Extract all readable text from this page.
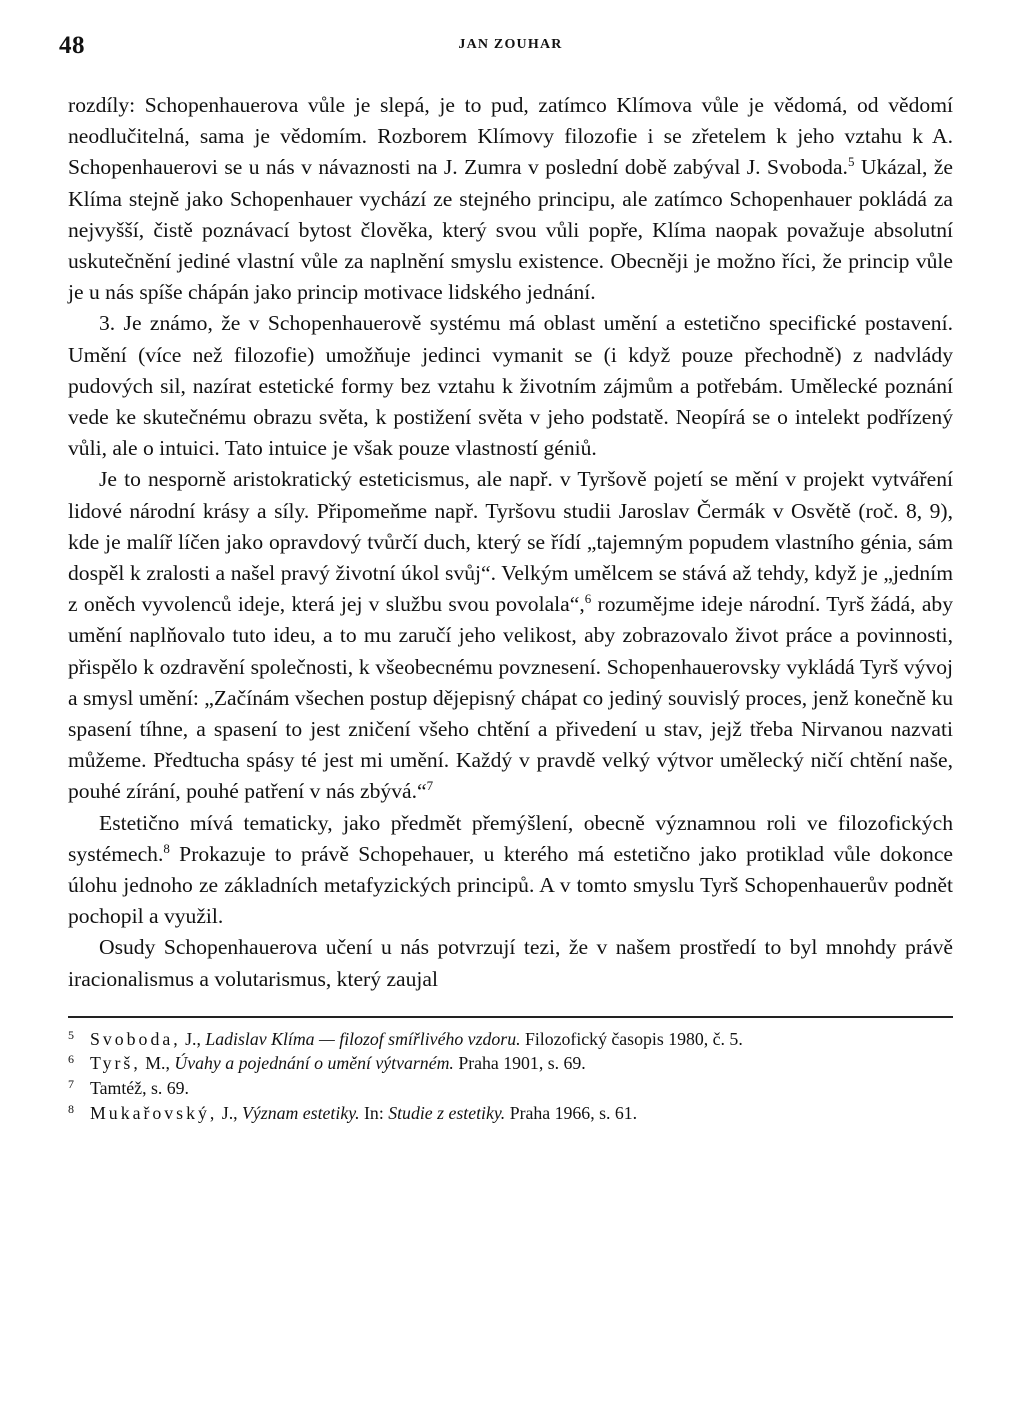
48	JAN ZOUHAR

rozdíly: Schopenhauerova vůle je slepá, je to pud, zatímco Klímova vůle je vědomá, od vědomí neodlučitelná, sama je vědomím. Rozborem Klímovy filozofie i se zřetelem k jeho vztahu k A. Schopenhauerovi se u nás v návaznosti na J. Zumra v poslední době zabýval J. Svoboda.$^5$ Ukázal, že Klíma stejně jako Schopenhauer vychází ze stejného principu, ale zatímco Schopenhauer pokládá za nejvyšší, čistě poznávací bytost člověka, který svou vůli popře, Klíma naopak považuje absolutní uskutečnění jediné vlastní vůle za naplnění smyslu existence. Obecněji je možno říci, že princip vůle je u nás spíše chápán jako princip motivace lidského jednání.

3. Je známo, že v Schopenhauerově systému má oblast umění a estetično specifické postavení. Umění (více než filozofie) umožňuje jedinci vymanit se (i když pouze přechodně) z nadvlády pudových sil, nazírat estetické formy bez vztahu k životním zájmům a potřebám. Umělecké poznání vede ke skutečnému obrazu světa, k postižení světa v jeho podstatě. Neopírá se o intelekt podřízený vůli, ale o intuici. Tato intuice je však pouze vlastností géniů.

Je to nesporně aristokratický esteticismus, ale např. v Tyršově pojetí se mění v projekt vytváření lidové národní krásy a síly. Připomeňme např. Tyršovu studii Jaroslav Čermák v Osvětě (roč. 8, 9), kde je malíř líčen jako opravdový tvůrčí duch, který se řídí „tajemným popudem vlastního génia, sám dospěl k zralosti a našel pravý životní úkol svůj“. Velkým umělcem se stává až tehdy, když je „jedním z oněch vyvolenců ideje, která jej v službu svou povolala“,$^6$ rozumějme ideje národní. Tyrš žádá, aby umění naplňovalo tuto ideu, a to mu zaručí jeho velikost, aby zobrazovalo život práce a povinnosti, přispělo k ozdravění společnosti, k všeobecnému povznesení. Schopenhauerovsky vykládá Tyrš vývoj a smysl umění: „Začínám všechen postup dějepisný chápat co jediný souvislý proces, jenž konečně ku spasení tíhne, a spasení to jest zničení všeho chtění a přivedení u stav, jejž třeba Nirvanou nazvati můžeme. Předtucha spásy té jest mi umění. Každý v pravdě velký výtvor umělecký ničí chtění naše, pouhé zírání, pouhé patření v nás zbývá.“$^7$

Estetično mívá tematicky, jako předmět přemýšlení, obecně významnou roli ve filozofických systémech.$^8$ Prokazuje to právě Schopehauer, u kterého má estetično jako protiklad vůle dokonce úlohu jednoho ze základních metafyzických principů. A v tomto smyslu Tyrš Schopenhauerův podnět pochopil a využil.

Osudy Schopenhauerova učení u nás potvrzují tezi, že v našem prostředí to byl mnohdy právě iracionalismus a volutarismus, který zaujal

5 Svoboda, J., Ladislav Klíma — filozof smířlivého vzdoru. Filozofický časopis 1980, č. 5.
6 Tyrš, M., Úvahy a pojednání o umění výtvarném. Praha 1901, s. 69.
7 Tamtéž, s. 69.
8 Mukařovský, J., Význam estetiky. In: Studie z estetiky. Praha 1966, s. 61.
